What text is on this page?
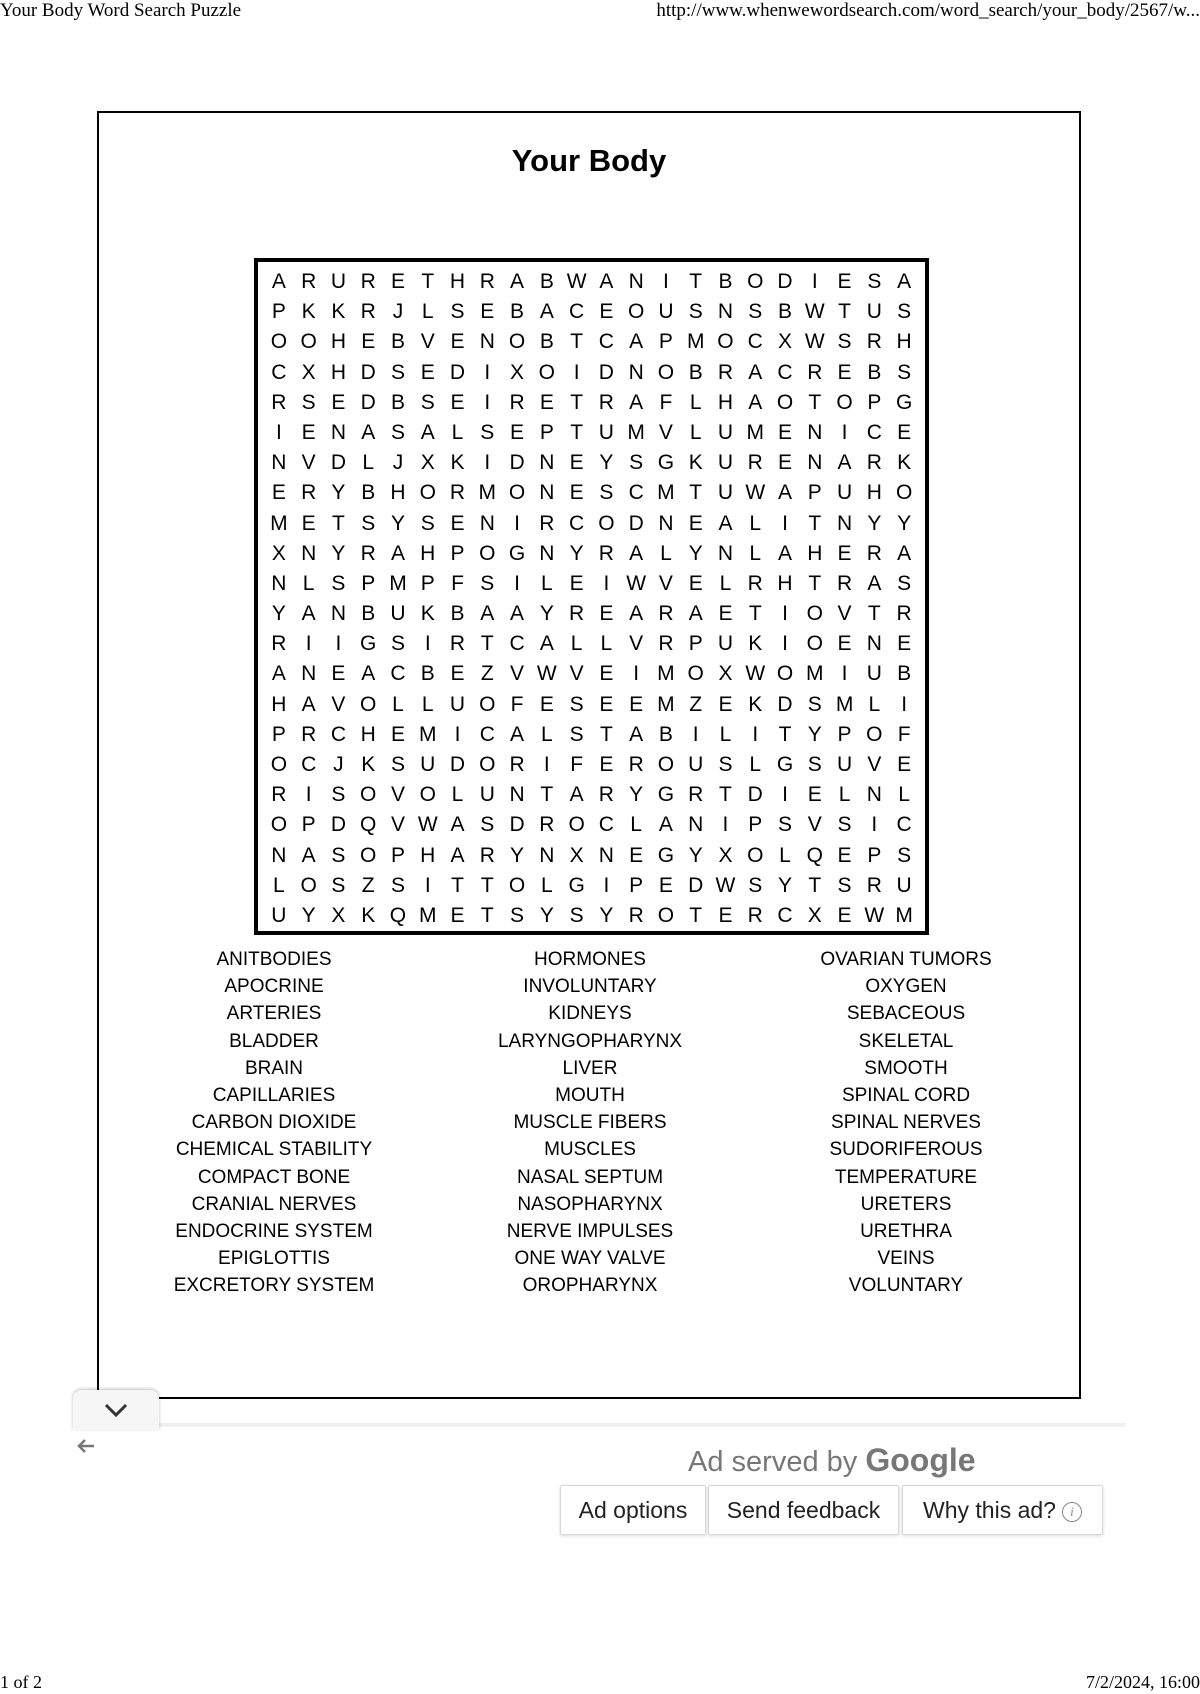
Your Body Word Search Puzzle	http://www.whenwewordsearch.com/word_search/your_body/2567/w...
Your Body
A R U R E T H R A B W A N I T B O D I E S A
P K K R J L S E B A C E O U S N S B W T U S
O O H E B V E N O B T C A P M O C X W S R H
C X H D S E D I X O I D N O B R A C R E B S
R S E D B S E I R E T R A F L H A O T O P G
I E N A S A L S E P T U M V L U M E N I C E
N V D L J X K I D N E Y S G K U R E N A R K
E R Y B H O R M O N E S C M T U W A P U H O
M E T S Y S E N I R C O D N E A L	I T N Y Y
X N Y R A H P O G N Y R A L Y N L A H E R A
N L S P M P F S I	L E I W V E L R H T R A S
Y A N B U K B A A Y R E A R A E T I O V T R
R I	I G S I R T C A L L V R P U K I O E N E
A N E A C B E Z V W V E I M O X W O M I U B
H A V O L L U O F E S E E M Z E K D S M L	I
P R C H E M I C A L S T A B I	L	I T Y P O F
O C J K S U D O R I F E R O U S L G S U V E
R I S O V O L U N T A R Y G R T D I E L N L
O P D Q V W A S D R O C L A N I P S V S I C
N A S O P H A R Y N X N E G Y X O L Q E P S
L O S Z S I T T O L G I P E D W S Y T S R U
U Y X K Q M E T S Y S Y R O T E R C X E W M
ANITBODIES
APOCRINE
ARTERIES
BLADDER
BRAIN
CAPILLARIES
CARBON DIOXIDE
CHEMICAL STABILITY
COMPACT BONE
CRANIAL NERVES
ENDOCRINE SYSTEM
EPIGLOTTIS
EXCRETORY SYSTEM
HORMONES
INVOLUNTARY
KIDNEYS
LARYNGOPHARYNX
LIVER
MOUTH
MUSCLE FIBERS
MUSCLES
NASAL SEPTUM
NASOPHARYNX
NERVE IMPULSES
ONE WAY VALVE
OROPHARYNX
OVARIAN TUMORS
OXYGEN
SEBACEOUS
SKELETAL
SMOOTH
SPINAL CORD
SPINAL NERVES
SUDORIFEROUS
TEMPERATURE
URETERS
URETHRA
VEINS
VOLUNTARY
Ad served by Google
Ad options	Send feedback	Why this ad? i
1 of 2	7/2/2024, 16:00
